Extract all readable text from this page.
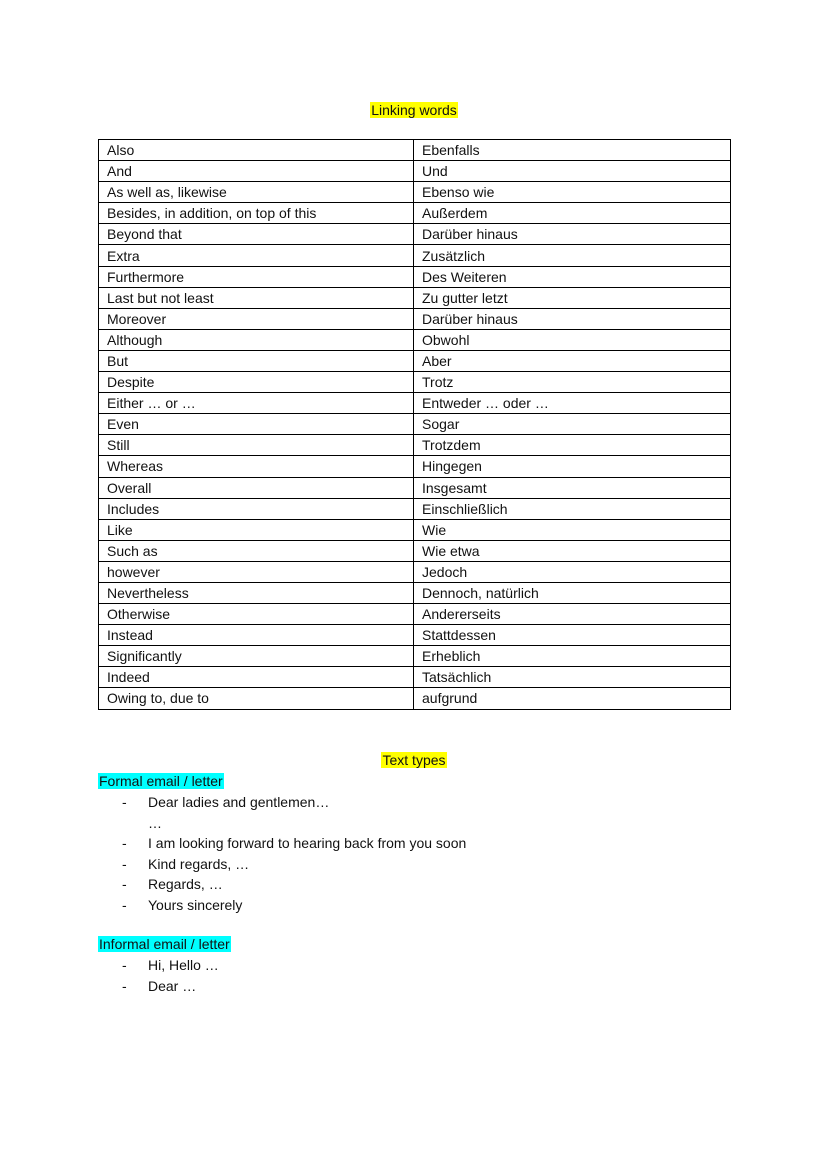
Linking words
Also	Ebenfalls
And	Und
As well as, likewise	Ebenso wie
Besides, in addition, on top of this	Außerdem
Beyond that	Darüber hinaus
Extra	Zusätzlich
Furthermore	Des Weiteren
Last but not least	Zu gutter letzt
Moreover	Darüber hinaus
Although	Obwohl
But	Aber
Despite	Trotz
Either … or …	Entweder … oder …
Even	Sogar
Still	Trotzdem
Whereas	Hingegen
Overall	Insgesamt
Includes	Einschließlich
Like	Wie
Such as	Wie etwa
however	Jedoch
Nevertheless	Dennoch, natürlich
Otherwise	Andererseits
Instead	Stattdessen
Significantly	Erheblich
Indeed	Tatsächlich
Owing to, due to	aufgrund
Text types
Formal email / letter
- Dear ladies and gentlemen…
…
- I am looking forward to hearing back from you soon
- Kind regards, …
- Regards, …
- Yours sincerely
Informal email / letter
- Hi, Hello …
- Dear …
